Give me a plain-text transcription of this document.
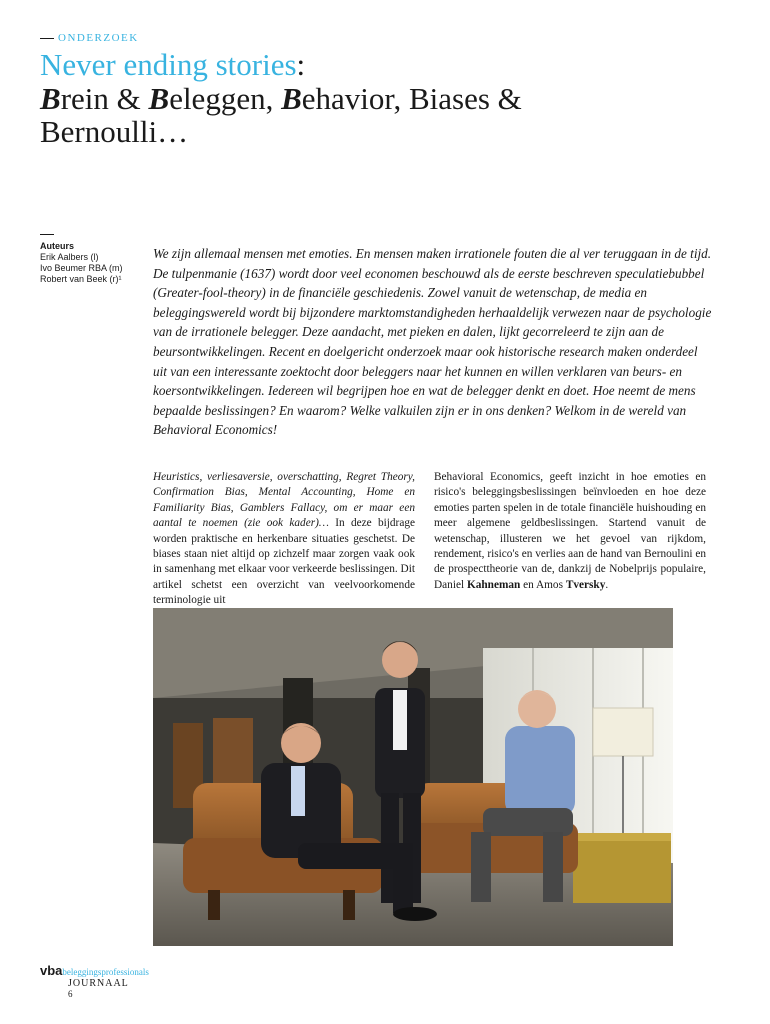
ONDERZOEK
Never ending stories:
Brein & Beleggen, Behavior, Biases &
Bernoulli…
Auteurs
Erik Aalbers (l)
Ivo Beumer RBA (m)
Robert van Beek (r)¹
We zijn allemaal mensen met emoties. En mensen maken irrationele fouten die al ver teruggaan in de tijd. De tulpenmanie (1637) wordt door veel economen beschouwd als de eerste beschreven speculatiebubbel (Greater-fool-theory) in de financiële geschiedenis. Zowel vanuit de wetenschap, de media en beleggingswereld wordt bij bijzondere marktomstandigheden herhaaldelijk verwezen naar de psychologie van de irrationele belegger. Deze aandacht, met pieken en dalen, lijkt gecorreleerd te zijn aan de beursontwikkelingen. Recent en doelgericht onderzoek maar ook historische research maken onderdeel uit van een interessante zoektocht door beleggers naar het kunnen en willen verklaren van beurs- en koersontwikkelingen. Iedereen wil begrijpen hoe en wat de belegger denkt en doet. Hoe neemt de mens bepaalde beslissingen? En waarom? Welke valkuilen zijn er in ons denken? Welkom in de wereld van Behavioral Economics!
Heuristics, verliesaversie, overschatting, Regret Theory, Confirmation Bias, Mental Accounting, Home en Familiarity Bias, Gamblers Fallacy, om er maar een aantal te noemen (zie ook kader)… In deze bijdrage worden praktische en herkenbare situaties geschetst. De biases staan niet altijd op zichzelf maar zorgen vaak ook in samenhang met elkaar voor verkeerde beslissingen. Dit artikel schetst een overzicht van veelvoorkomende terminologie uit
Behavioral Economics, geeft inzicht in hoe emoties en risico's beleggingsbeslissingen beïnvloeden en hoe deze emoties parten spelen in de totale financiële huishouding en meer algemene geldbeslissingen. Startend vanuit de wetenschap, illusteren we het gevoel van rijkdom, rendement, risico's en verlies aan de hand van Bernoulini en de prospecttheorie van de, dankzij de Nobelprijs populaire, Daniel Kahneman en Amos Tversky.
vbabeleggingsprofessionals
JOURNAAL
6
